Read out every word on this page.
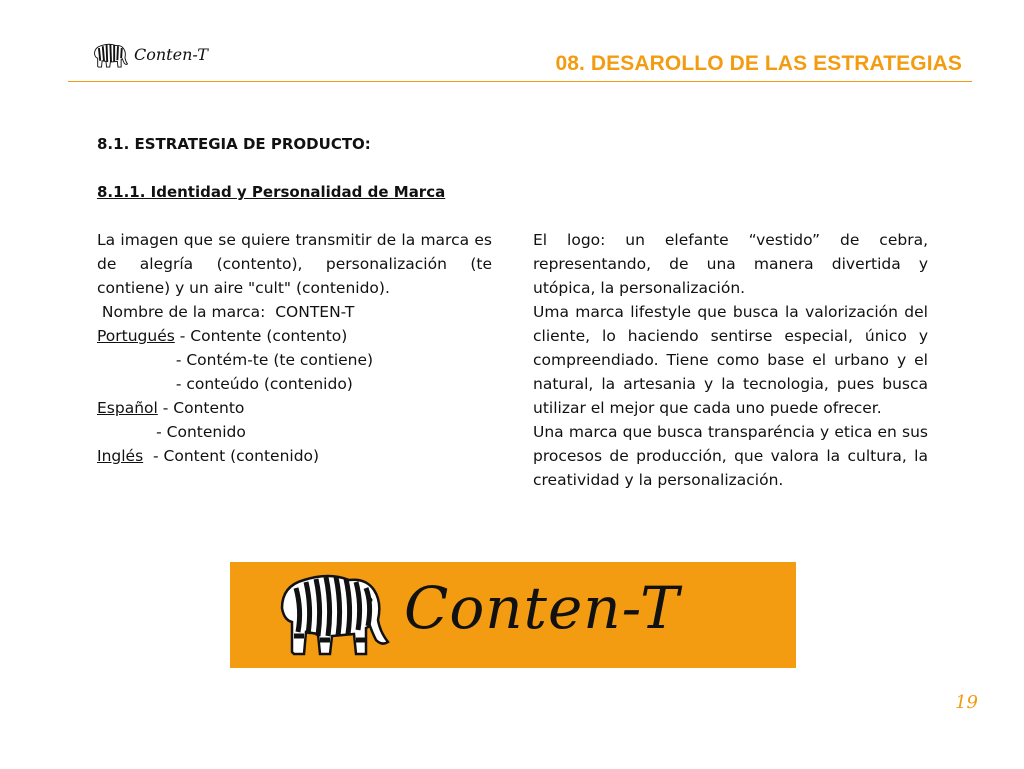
Conten-T	08. DESAROLLO DE LAS ESTRATEGIAS
8.1. ESTRATEGIA DE PRODUCTO:
8.1.1. Identidad y Personalidad de Marca
La imagen que se quiere transmitir de la marca es de alegría (contento), personalización (te contiene) y un aire "cult" (contenido).
Nombre de la marca:  CONTEN-T
Portugués - Contente (contento)
- Contém-te (te contiene)
- conteúdo (contenido)
Español - Contento
- Contenido
Inglés  - Content (contenido)
El logo: un elefante “vestido” de cebra, representando, de una manera divertida y utópica, la personalización.
Uma marca lifestyle que busca la valorización del cliente, lo haciendo sentirse especial, único y compreendiado. Tiene como base el urbano y el natural, la artesania y la tecnologia, pues busca utilizar el mejor que cada uno puede ofrecer.
Una marca que busca transparéncia y etica en sus procesos de producción, que valora la cultura, la creatividad y la personalización.
Conten-T
19
